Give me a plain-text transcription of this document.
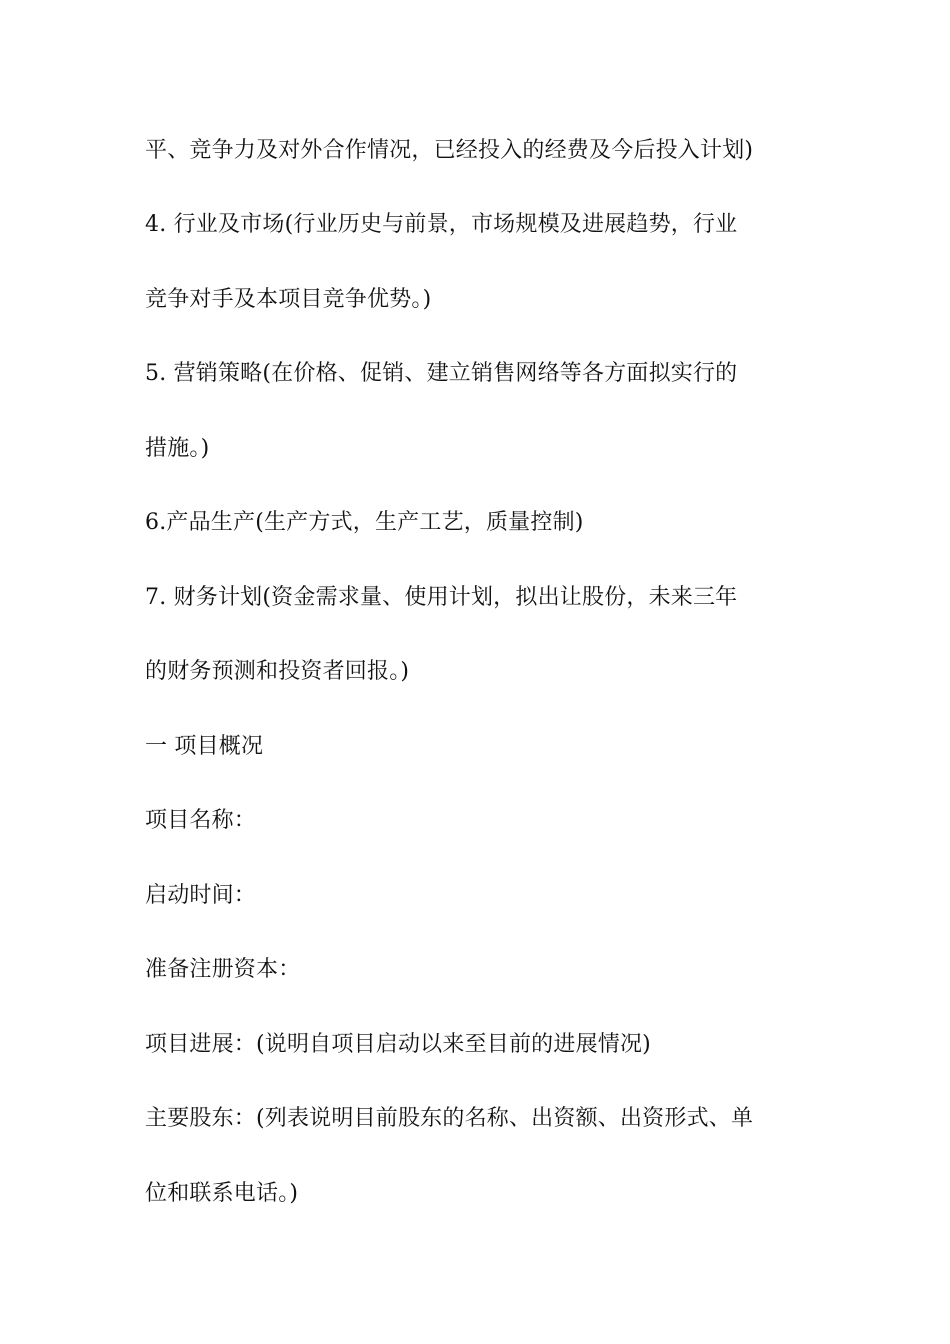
平、竞争力及对外合作情况，已经投入的经费及今后投入计划)
4. 行业及市场(行业历史与前景，市场规模及进展趋势，行业
竞争对手及本项目竞争优势。)
5. 营销策略(在价格、促销、建立销售网络等各方面拟实行的
措施。)
6.产品生产(生产方式，生产工艺，质量控制)
7. 财务计划(资金需求量、使用计划，拟出让股份，未来三年
的财务预测和投资者回报。)
一 项目概况
项目名称：
启动时间：
准备注册资本：
项目进展：(说明自项目启动以来至目前的进展情况)
主要股东：(列表说明目前股东的名称、出资额、出资形式、单
位和联系电话。)
